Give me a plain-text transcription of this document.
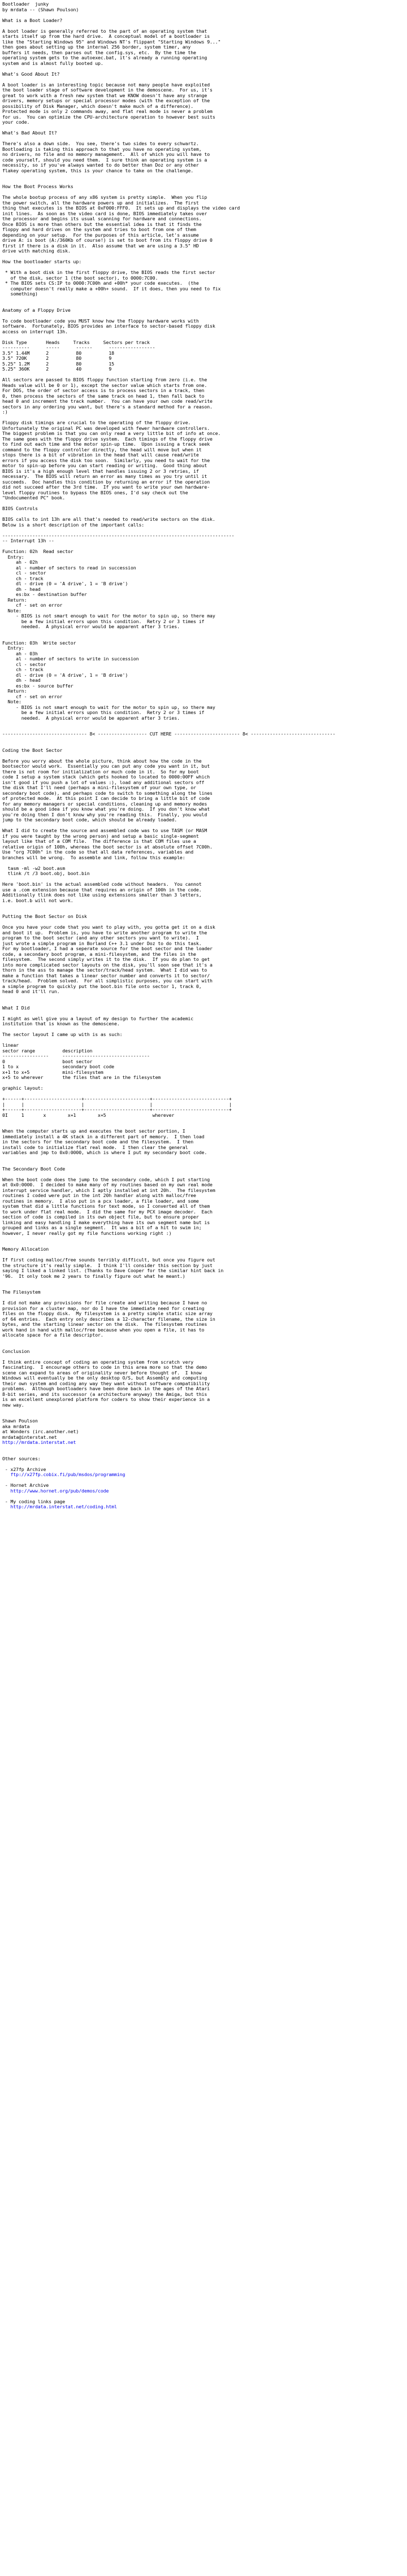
Bootloader  junky
by mrdata -- (Shawn Poulson)
What is a Boot Loader?
A boot loader is generally referred to the part of an operating system that
starts itself up from the hard drive.  A conceptual model of a bootloader is
like the "Starting Windows 95" and Windows NT's flippant "Starting Windows 9..."
then goes about setting up the internal 256 border, system timer, any
buffers it needs, then parses out the config.sys, etc.  By the time the
operating system gets to the autoexec.bat, it's already a running operating
system and is almost fully booted up.
What's Good About It?
A boot loader is an interesting topic because not many people have exploited
the boot loader stage of software development in the demoscene.  For us, it's
great to work with a fresh new system that we KNOW doesn't have any strange
drivers, memory setups or special processor modes (with the exception of the
possibility of Disk Manager, which doesn't make much of a difference).
Protected mode is only 2 commands away, and flat real mode is never a problem
for us.  You can optimize the CPU-architecture operation to however best suits
your code.
What's Bad About It?
There's also a down side.  You see, there's two sides to every schwartz.
Bootloading is taking this approach to that you have no operating system,
no drivers, no file and no memory management.  All of which you will have to
code yourself, should you need them.  I sure think an operating system is a
necessity, so if you've always wanted to do better than Doz or any other
flakey operating system, this is your chance to take on the challenge.
How the Boot Process Works
The whole bootup process of any x86 system is pretty simple.  When you flip
the power switch, all the hardware powers up and initializes.  The first
thing that executes is the BIOS at 0xF000:FFF0.  It sets up and displays the video card
init lines.  As soon as the video card is done, BIOS immediately takes over
the processor and begins its usual scanning for hardware and connections.
Once BIOS is more than others but the essential idea is that it finds the
floppy and hard drives on the system and tries to boot from one of them
depending on your setup.  For the purposes of this article, let's assume
drive A: is boot (A:/360Kb of course!) is set to boot from its floppy drive 0
first if there is a disk in it.  Also assume that we are using a 3.5" HD
drive with matching disk.
How the bootloader starts up:
* With a boot disk in the first floppy drive, the BIOS reads the first sector
of the disk, sector 1 (the boot sector), to 0000:7C00.
* The BIOS sets CS:IP to 0000:7C00h and +00h* your code executes.  (the
computer doesn't really make a +00h+ sound.  If it does, then you need to fix
something)
Anatomy of a Floppy Drive
To code bootloader code you MUST know how the floppy hardware works with
software.  Fortunately, BIOS provides an interface to sector-based floppy disk
access on interrupt 13h.
Disk Type       Heads     Tracks     Sectors per track
----------      -----      ------      -----------------
3.5" 1.44M      2          80          18
3.5" 720K       2          80          9
5.25" 1.2M      2          80          15
5.25" 360K      2          40          9
All sectors are passed to BIOS floppy function starting from zero (i.e. the
Heads value will be 0 or 1), except the sector value which starts from one.
For DOS, the order of sector access is to process sectors in a track, then
0, then process the sectors of the same track on head 1, then fall back to
head 0 and increment the track number.  You can have your own code read/write
sectors in any ordering you want, but there's a standard method for a reason.
:)
Floppy disk timings are crucial to the operating of the floppy drive.
Unfortunately the original PC was developed with fewer hardware controllers.
The biggest problem is that you can only read a very little bit of info at once.
The same goes with the floppy drive system.  Each timings of the floppy drive
to find out each time and the motor spin-up time.  Upon issuing a track seek
command to the floppy controller directly, the head will move but when it
stops there is a bit of vibration in the head that will cause read/write
errors if you access the disk too soon.  Similarly, you need to wait for the
motor to spin-up before you can start reading or writing.  Good thing about
BIOS is it's a high enough level that handles issuing 2 or 3 retries, if
necessary.  The BIOS will return an error as many times as you try until it
succeeds.  Doc handles this condition by returning an error if the operation
did not succeed after the 3rd time.  If you want to write your own hardware-
level floppy routines to bypass the BIOS ones, I'd say check out the
"Undocumented PC" book.
BIOS Controls
BIOS calls to int 13h are all that's needed to read/write sectors on the disk.
Below is a short description of the important calls:
-------------------------------------------------------------------------------------
-- Interrupt 13h --
Function: 02h  Read sector
Entry:
ah - 02h
al - number of sectors to read in succession
cl - sector
ch - track
dl - drive (0 = 'A drive', 1 = 'B drive')
dh - head
es:bx - destination buffer
Return:
cf - set on error
Note:
- BIOS is not smart enough to wait for the motor to spin up, so there may
be a few initial errors upon this condition.  Retry 2 or 3 times if
needed.  A physical error would be apparent after 3 tries.
Function: 03h  Write sector
Entry:
ah - 03h
al - number of sectors to write in succession
cl - sector
ch - track
dl - drive (0 = 'A drive', 1 = 'B drive')
dh - head
es:bx - source buffer
Return:
cf - set on error
Note:
- BIOS is not smart enough to wait for the motor to spin up, so there may
be a few initial errors upon this condition.  Retry 2 or 3 times if
needed.  A physical error would be apparent after 3 tries.
------------------------------- 8< ------------------ CUT HERE ------------------------ 8< -------------------------------
Coding the Boot Sector
Before you worry about the whole picture, think about how the code in the
bootsector would work.  Essentially you can put any code you want in it, but
there is not room for initialization or much code in it.  So for my boot
code I setup a system stack (which gets hooked to located to 0000:00FF which
isn't good if you push a lot of values :), load any additional sectors off
the disk that I'll need (perhaps a mini-filesystem of your own type, or
secondary boot code), and perhaps code to switch to something along the lines
of protected mode.  At this point I can decide to bring a little bit of code
for any memory managers or special conditions, cleaning up and memory modes
should be a good idea if you know what you're doing.  If you don't know what
you're doing then I don't know why you're reading this.  Finally, you would
jump to the secondary boot code, which should be already loaded.
What I did to create the source and assembled code was to use TASM (or MASM
if you were taught by the wrong person) and setup a basic single-segment
layout like that of a COM file.  The difference is that COM files use a
relative origin of 100h, whereas the boot sector is at absolute offset 7C00h.
Use "org 7C00h" in the code so that all data references, variables and
branches will be wrong.  To assemble and link, follow this example:
tasm -ml -w2 boot.asm
tlink /t /3 boot.obj, boot.bin
Here 'boot.bin' is the actual assembled code without headers.  You cannot
use a .com extension because that requires an origin of 100h in the code.
Additionally tlink does not like using extensions smaller than 3 letters,
i.e. boot.b will not work.
Putting the Boot Sector on Disk
Once you have your code that you want to play with, you gotta get it on a disk
and boot it up.  Problem is, you have to write another program to write the
program to the boot sector (and any other sectors you want to write).  I
just wrote a simple program in Borland C++ 3.1 under Doz to do this task.
For my bootloader, I had a seperate source for the boot sector and the loader
code, a secondary boot program, a mini-filesystem, and the files in the
filesystem.  The second simply writes it to the disk.  If you do plan to get
into more complicated sector layouts on the disk, you'll soon see that it's a
thorn in the ass to manage the sector/track/head system.  What I did was to
make a function that takes a linear sector number and converts it to sector/
track/head.  Problem solved.  For all simplistic purposes, you can start with
a simple program to quickly put the boot.bin file onto sector 1, track 0,
head 0 and it'll run.
What I Did
I might as well give you a layout of my design to further the academic
institution that is known as the demoscene.
The sector layout I came up with is as such:
linear
sector range          description
-----------------     --------------------------------
0                     boot sector
1 to x                secondary boot code
x+1 to x+5            mini-filesystem
x+5 to wherever       the files that are in the filesystem
graphic layout:
+------+---------------------+------------------------+----------------------------+
|      |                     |                        |                            |
+------+---------------------+------------------------+----------------------------+
0I     1       x        x+1        x+5                 wherever
When the computer starts up and executes the boot sector portion, I
immediately install a 4K stack in a different part of memory.  I then load
in the sectors for the secondary boot code and the filesystem.  I then
install code to initialize flat real mode.  I then clear the general
variables and jmp to 0x0:0000, which is where I put my secondary boot code.
The Secondary Boot Code
When the boot code does the jump to the secondary code, which I put starting
at 0x0:0000.  I decided to make many of my routines based on my own real mode
interrupt service handler, which I aptly installed at int 20h.  The filesystem
routines I coded were put in the int 20h handler along with malloc/free
routines in memory.  I also put in a pcx loader, a file loader, and some
system that did a little functions for text mode, so I converted all of them
to work under flat real mode.  I did the same for my PCX image decoder.  Each
section of code is compiled in its own object file, but to ensure proper
linking and easy handling I make everything have its own segment name but is
grouped and links as a single segment.  It was a bit of a hit to swim in;
however, I never really got my file functions working right :)
Memory Allocation
If first coding malloc/free sounds terribly difficult, but once you figure out
the structure it's really simple.  I think I'll consider this section by just
saying I liked a linked list. (Thanks to Dave Cooper for the similar hint back in
'96.  It only took me 2 years to finally figure out what he meant.)
The Filesystem
I did not make any provisions for file create and writing because I have no
provision for a cluster map, nor do I have the immediate need for creating
files on the floppy disk.  My filesystem is a pretty simple static size array
of 64 entries.  Each entry only describes a 12-character filename, the size in
bytes, and the starting linear sector on the disk.  The filesystem routines
work hand in hand with malloc/free because when you open a file, it has to
allocate space for a file descriptor.
Conclusion
I think entire concept of coding an operating system from scratch very
fascinating.  I encourage others to code in this area more so that the demo
scene can expand to areas of originality never before thought of.  I know
Windows will eventually be the only desktop O/S, but Assembly and computing
their own system and coding any way they want without software compatibility
problems.  Although bootloaders have been done back in the ages of the Atari
8-bit series, and its successor (a architecture anyway) the Amiga, but this
is an excellent unexplored platform for coders to show their experience in a
new way.
Shawn Poulson
aka mrdata
at Wonders (irc.another.net)
mrdata@interstat.net
http://mrdata.interstat.net
Other sources:
- x27fp Archive
ftp://x27fp.cobix.fi/pub/msdos/programming
- Hornet Archive
http://www.hornet.org/pub/demos/code
- My coding links page
http://mrdata.interstat.net/coding.html
